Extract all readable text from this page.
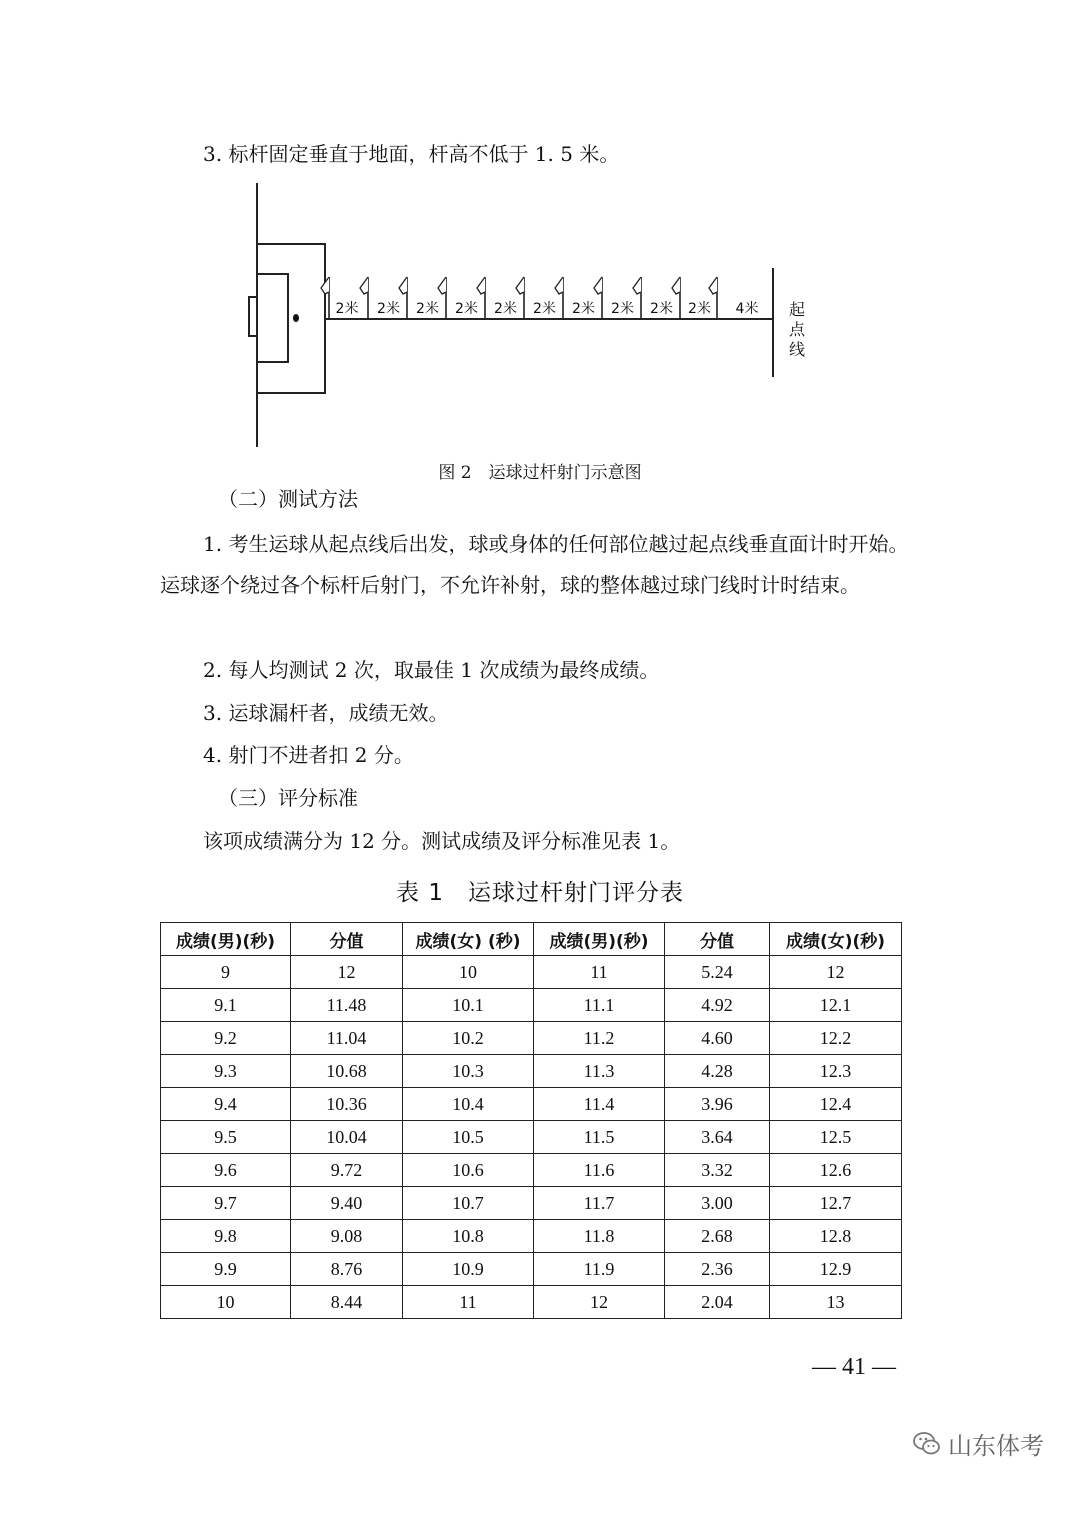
3. 标杆固定垂直于地面，杆高不低于 1. 5 米。
2米 2米 2米 2米 2米 2米 2米 2米 2米 2米 4米 起
点
线
图 2　运球过杆射门示意图
（二）测试方法
1. 考生运球从起点线后出发，球或身体的任何部位越过起点线垂直面计时开始。运球逐个绕过各个标杆后射门，不允许补射，球的整体越过球门线时计时结束。
2. 每人均测试 2 次，取最佳 1 次成绩为最终成绩。
3. 运球漏杆者，成绩无效。
4. 射门不进者扣 2 分。
（三）评分标准
该项成绩满分为 12 分。测试成绩及评分标准见表 1。
表 1　运球过杆射门评分表
成绩(男)(秒)	分值	成绩(女) (秒)	成绩(男)(秒)	分值	成绩(女)(秒)
9	12	10	11	5.24	12
9.1	11.48	10.1	11.1	4.92	12.1
9.2	11.04	10.2	11.2	4.60	12.2
9.3	10.68	10.3	11.3	4.28	12.3
9.4	10.36	10.4	11.4	3.96	12.4
9.5	10.04	10.5	11.5	3.64	12.5
9.6	9.72	10.6	11.6	3.32	12.6
9.7	9.40	10.7	11.7	3.00	12.7
9.8	9.08	10.8	11.8	2.68	12.8
9.9	8.76	10.9	11.9	2.36	12.9
10	8.44	11	12	2.04	13
— 41 —
山东体考
